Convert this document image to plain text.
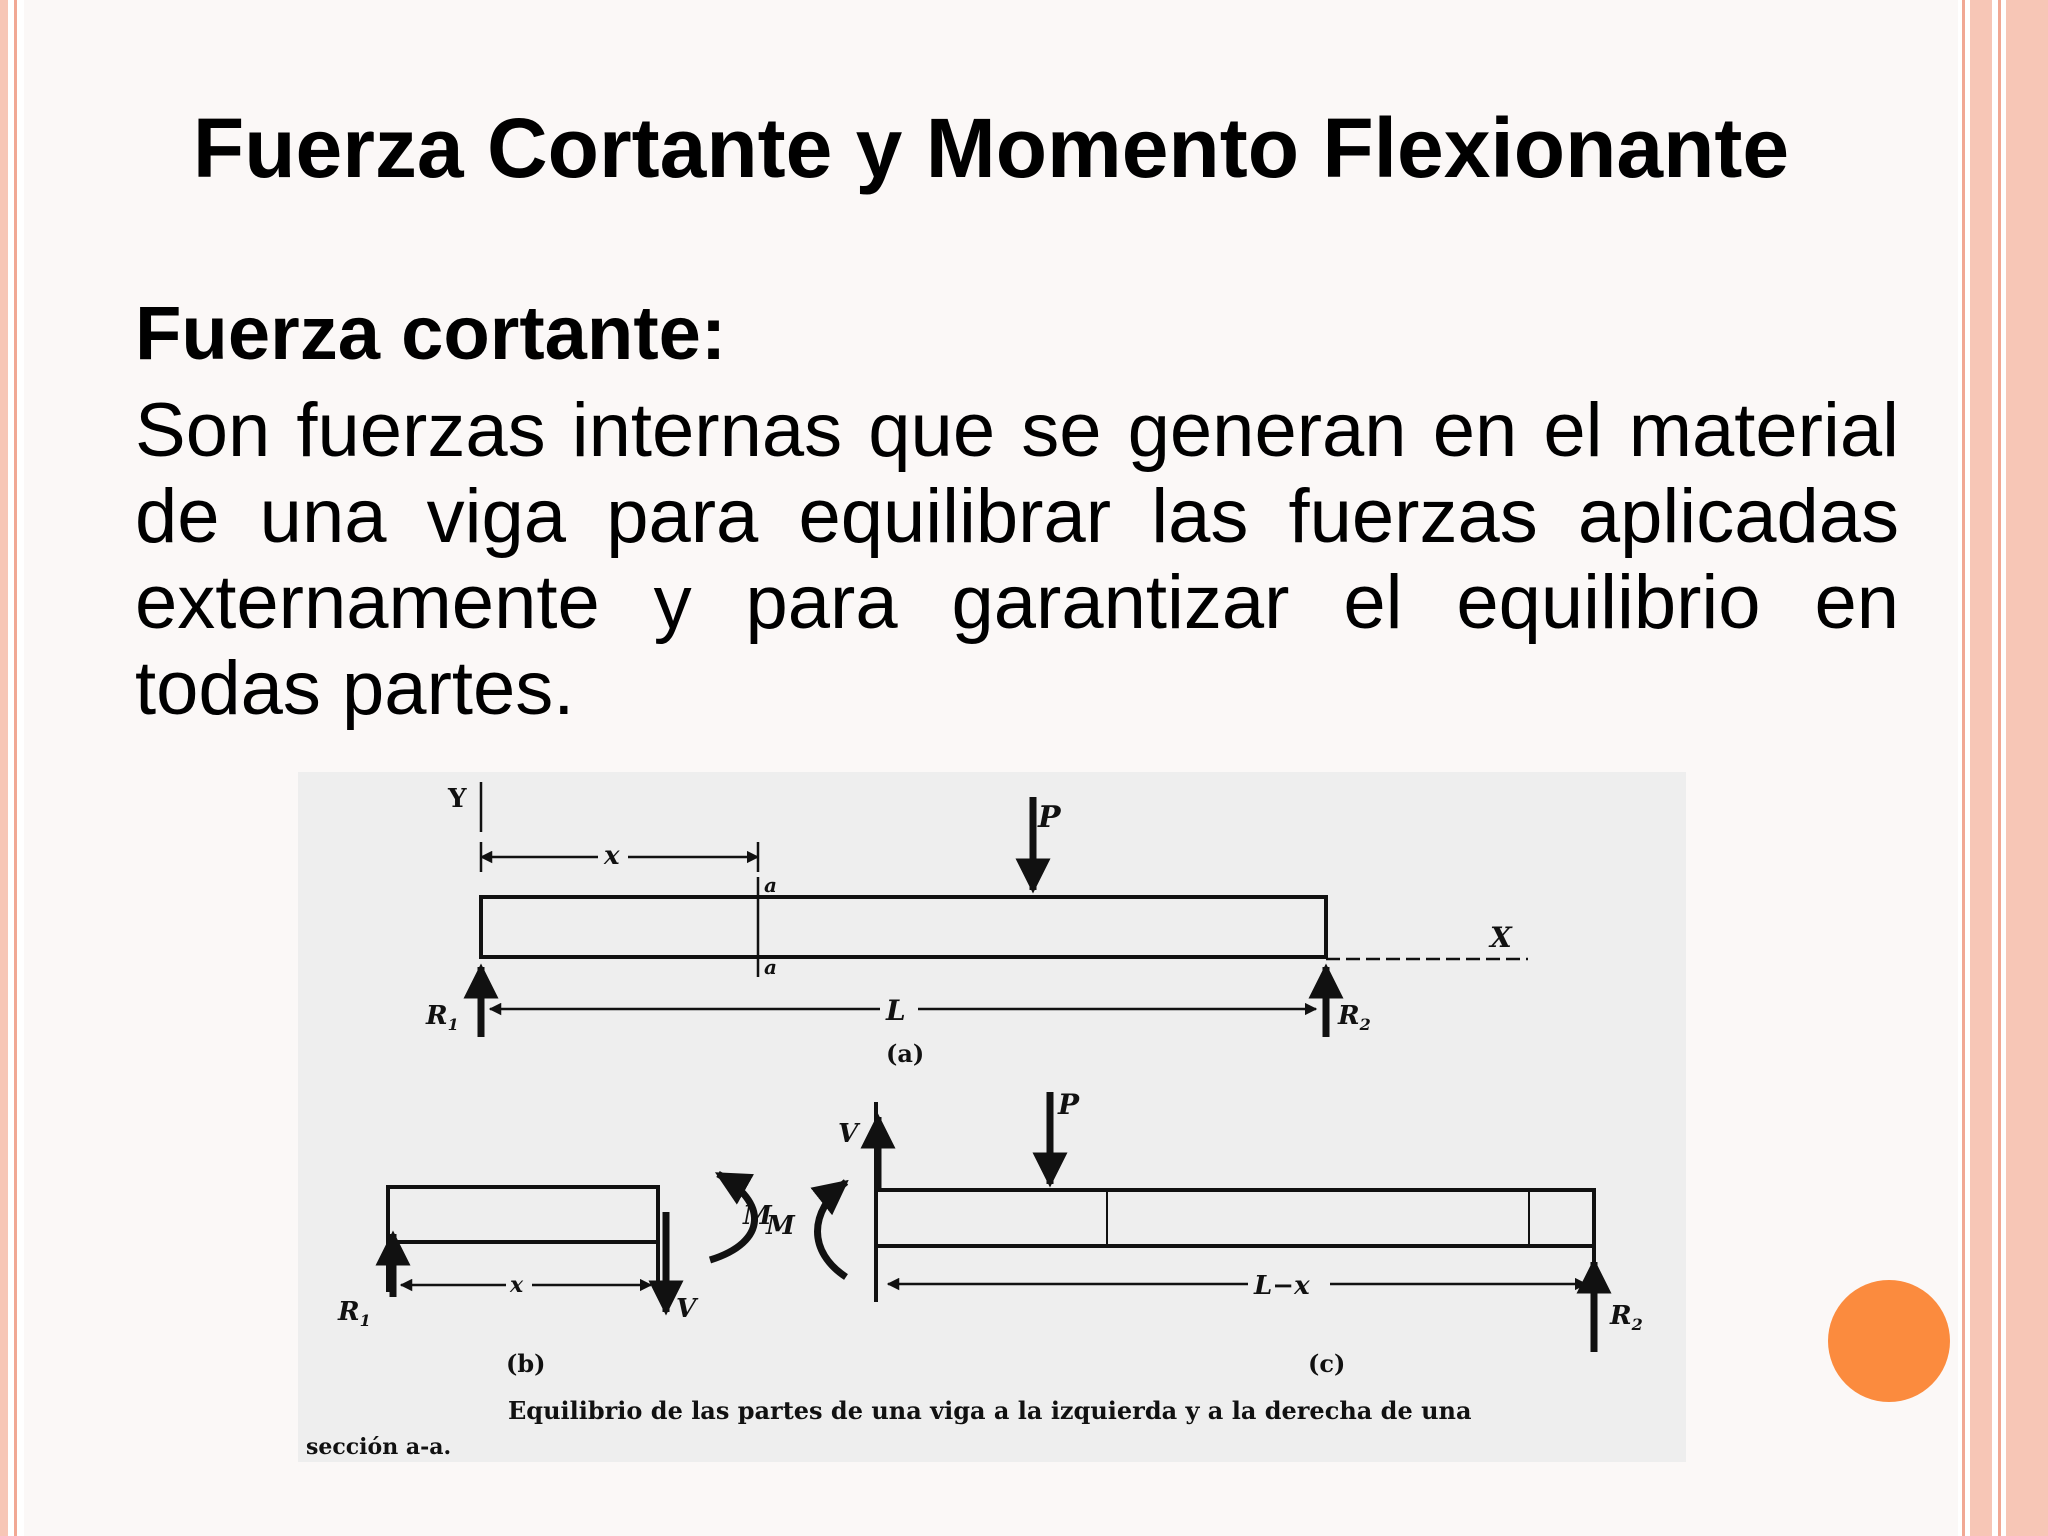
Fuerza Cortante y Momento Flexionante
Fuerza cortante:

Son fuerzas internas que se generan en el material de una viga para equilibrar las fuerzas aplicadas externamente y para garantizar el equilibrio en todas partes.

Y
x
P
a
a
X
$R_1$	$R_2$
L
(a)
$R_1$
x
V
M
(b)
P
V
M
L−x
$R_2$
(c)
Equilibrio de las partes de una viga a la izquierda y a la derecha de una
sección a-a.
